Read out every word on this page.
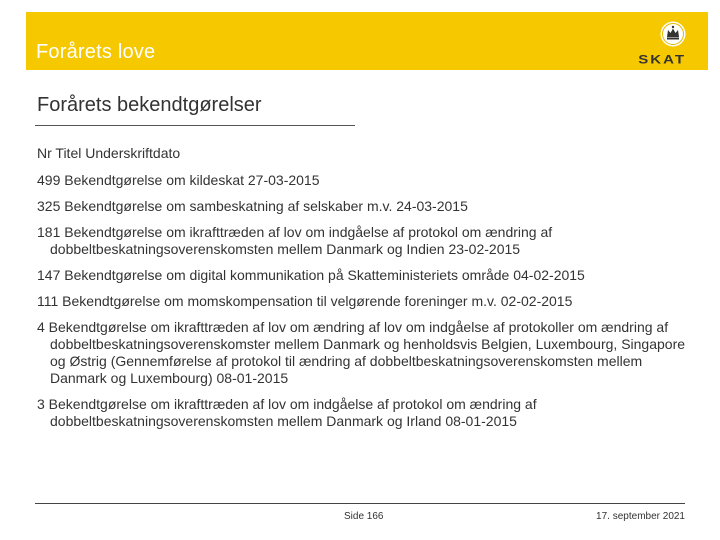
Forårets love	SKAT
Forårets bekendtgørelser
Nr Titel Underskriftdato
499 Bekendtgørelse om kildeskat 27-03-2015
325 Bekendtgørelse om sambeskatning af selskaber m.v. 24-03-2015
181 Bekendtgørelse om ikrafttræden af lov om indgåelse af protokol om ændring af dobbeltbeskatningsoverenskomsten mellem Danmark og Indien 23-02-2015
147 Bekendtgørelse om digital kommunikation på Skatteministeriets område 04-02-2015
111 Bekendtgørelse om momskompensation til velgørende foreninger m.v. 02-02-2015
4 Bekendtgørelse om ikrafttræden af lov om ændring af lov om indgåelse af protokoller om ændring af dobbeltbeskatningsoverenskomster mellem Danmark og henholdsvis Belgien, Luxembourg, Singapore og Østrig (Gennemførelse af protokol til ændring af dobbeltbeskatningsoverenskomsten mellem Danmark og Luxembourg) 08-01-2015
3 Bekendtgørelse om ikrafttræden af lov om indgåelse af protokol om ændring af dobbeltbeskatningsoverenskomsten mellem Danmark og Irland 08-01-2015
Side 166	17. september 2021
